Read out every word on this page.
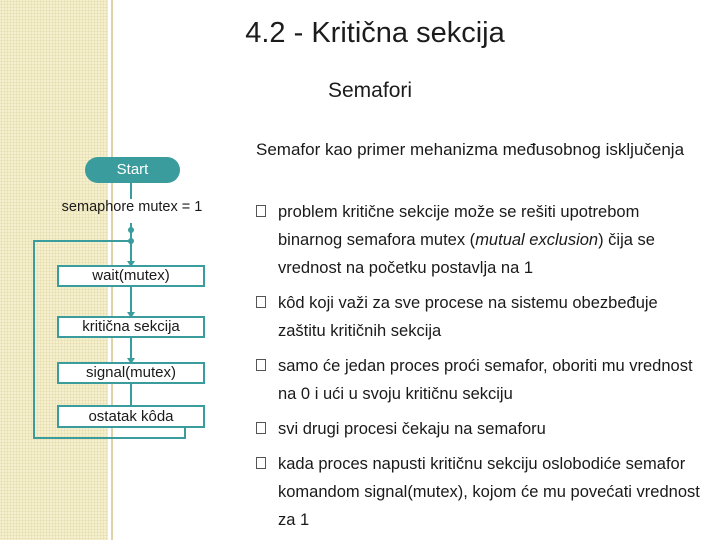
4.2 - Kritična sekcija
Semafori
Start
semaphore mutex = 1
wait(mutex)
kritična sekcija
signal(mutex)
ostatak kôda
Semafor kao primer mehanizma međusobnog isključenja
problem kritične sekcije može se rešiti upotrebom binarnog semafora mutex (mutual exclusion) čija se vrednost na početku postavlja na 1
kôd koji važi za sve procese na sistemu obezbeđuje zaštitu kritičnih sekcija
samo će jedan proces proći semafor, oboriti mu vrednost na 0 i ući u svoju kritičnu sekciju
svi drugi procesi čekaju na semaforu
kada proces napusti kritičnu sekciju oslobodiće semafor komandom signal(mutex), kojom će mu povećati vrednost za 1
